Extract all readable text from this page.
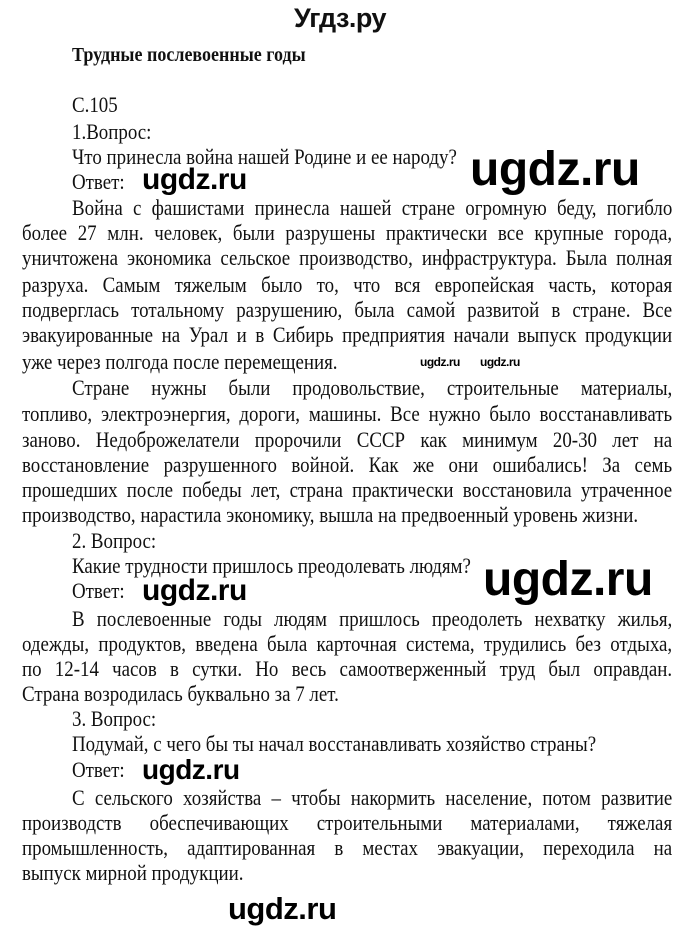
Угдз.ру
Трудные послевоенные годы
С.105
1.Вопрос:
Что принесла война нашей Родине и ее народу?
Ответ:
Война с фашистами принесла нашей стране огромную беду, погибло
более 27 млн. человек, были разрушены практически все крупные города,
уничтожена экономика сельское производство, инфраструктура. Была полная
разруха. Самым тяжелым было то, что вся европейская часть, которая
подверглась тотальному разрушению, была самой развитой в стране. Все
эвакуированные на Урал и в Сибирь предприятия начали выпуск продукции
уже через полгода после перемещения.
Стране нужны были продовольствие, строительные материалы,
топливо, электроэнергия, дороги, машины. Все нужно было восстанавливать
заново. Недоброжелатели пророчили СССР как минимум 20-30 лет на
восстановление разрушенного войной. Как же они ошибались! За семь
прошедших после победы лет, страна практически восстановила утраченное
производство, нарастила экономику, вышла на предвоенный уровень жизни.
2. Вопрос:
Какие трудности пришлось преодолевать людям?
Ответ:
В послевоенные годы людям пришлось преодолеть нехватку жилья,
одежды, продуктов, введена была карточная система, трудились без отдыха,
по 12-14 часов в сутки. Но весь самоотверженный труд был оправдан.
Страна возродилась буквально за 7 лет.
3. Вопрос:
Подумай, с чего бы ты начал восстанавливать хозяйство страны?
Ответ:
С сельского хозяйства – чтобы накормить население, потом развитие
производств обеспечивающих строительными материалами, тяжелая
промышленность, адаптированная в местах эвакуации, переходила на
выпуск мирной продукции.
ugdz.ru
ugdz.ru
ugdz.ru ugdz.ru
ugdz.ru
ugdz.ru
ugdz.ru
ugdz.ru
